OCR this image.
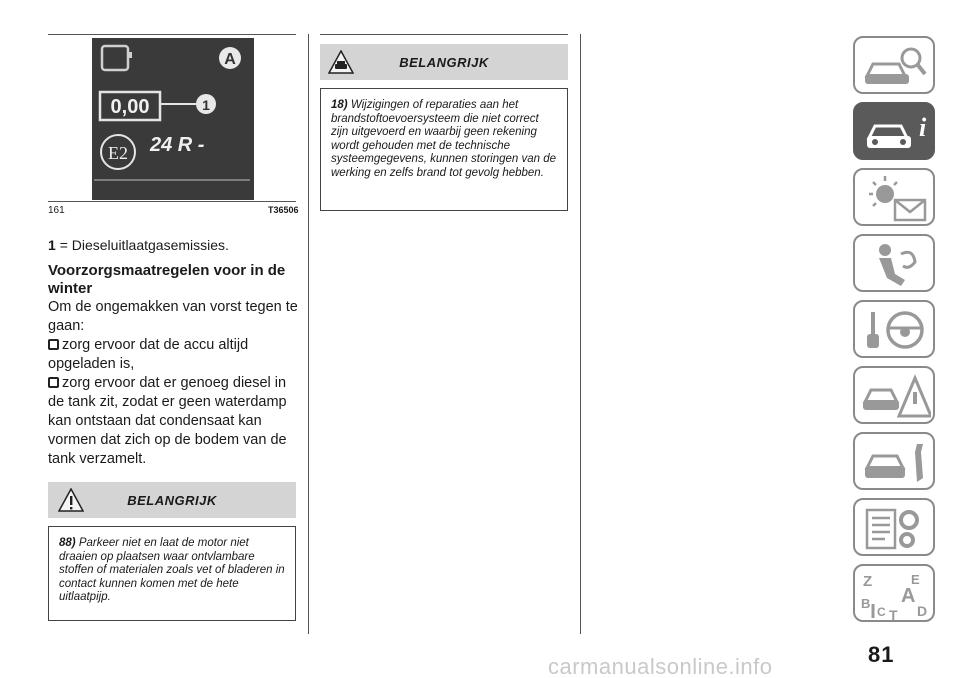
A
0,00	1
E2 24 R -
161	T36506
1 = Dieseluitlaatgasemissies.
Voorzorgsmaatregelen voor in de winter
Om de ongemakken van vorst tegen te gaan:
zorg ervoor dat de accu altijd opgeladen is,
zorg ervoor dat er genoeg diesel in de tank zit, zodat er geen waterdamp kan ontstaan dat condensaat kan vormen dat zich op de bodem van de tank verzamelt.
BELANGRIJK
88) Parkeer niet en laat de motor niet draaien op plaatsen waar ontvlambare stoffen of materialen zoals vet of bladeren in contact kunnen komen met de hete uitlaatpijp.
BELANGRIJK
18) Wijzigingen of reparaties aan het brandstoftoevoersysteem die niet correct zijn uitgevoerd en waarbij geen rekening wordt gehouden met de technische systeemgegevens, kunnen storingen van de werking en zelfs brand tot gevolg hebben.
i
Z	E
B A
C T D
81
carmanualsonline.info
